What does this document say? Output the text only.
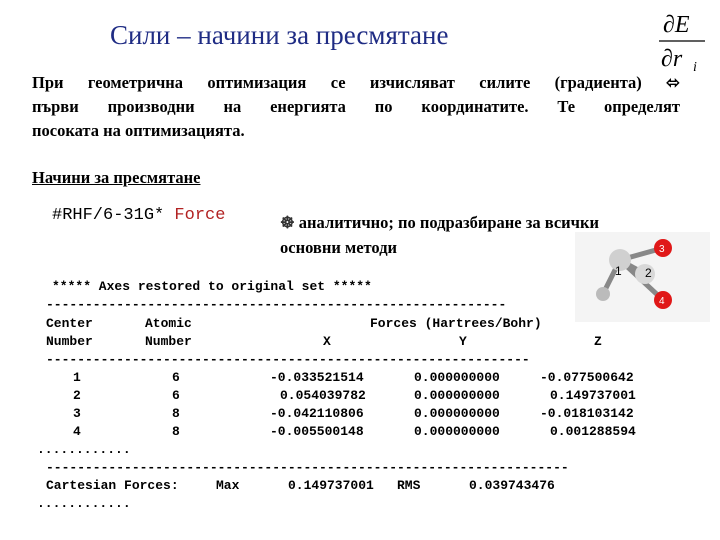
Сили – начини за пресмятане	∂E
∂r i
При геометрична оптимизация се изчисляват силите (градиента) ⬄
първи производни на енергията по координатите. Те определят
посоката на оптимизацията.
Начини за пресмятане
#RHF/6-31G* Force	☸ аналитично; по подразбиране за всички
основни методи
1 2
3
4
***** Axes restored to original set *****
-----------------------------------------------------------
Center	Atomic	Forces (Hartrees/Bohr)
Number	Number	X	Y	Z
--------------------------------------------------------------
1	6	-0.033521514	0.000000000	-0.077500642
2	6	0.054039782	0.000000000	0.149737001
3	8	-0.042110806	0.000000000	-0.018103142
4	8	-0.005500148	0.000000000	0.001288594
............
-------------------------------------------------------------------
Cartesian Forces:	Max	0.149737001 RMS	0.039743476
............
